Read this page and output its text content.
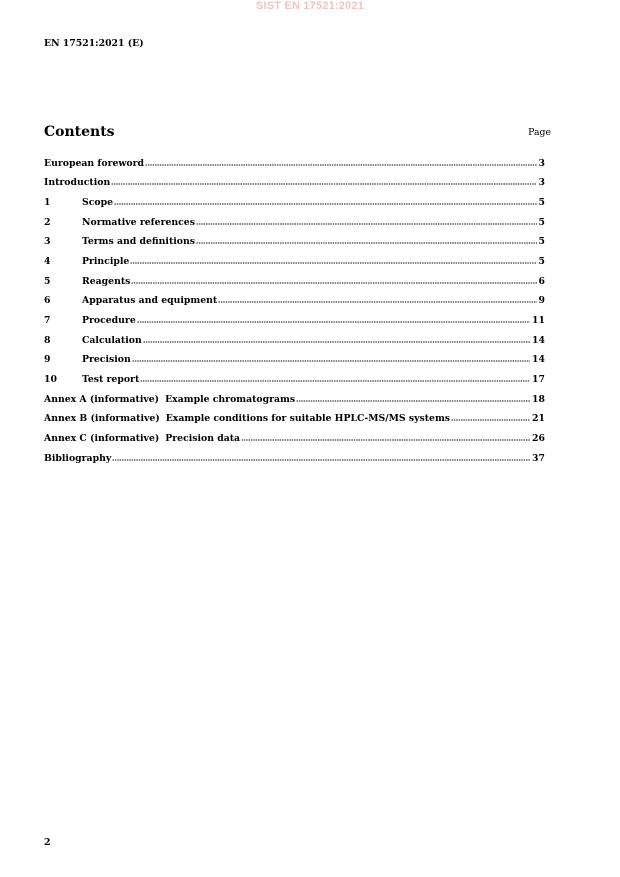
SIST EN 17521:2021
EN 17521:2021 (E)
Contents	Page
European foreword	3
Introduction	3
1	Scope	5
2	Normative references	5
3	Terms and definitions	5
4	Principle	5
5	Reagents	6
6	Apparatus and equipment	9
7	Procedure	11
8	Calculation	14
9	Precision	14
10	Test report	17
Annex A (informative) Example chromatograms	18
Annex B (informative) Example conditions for suitable HPLC-MS/MS systems	21
Annex C (informative) Precision data	26
Bibliography	37
2
